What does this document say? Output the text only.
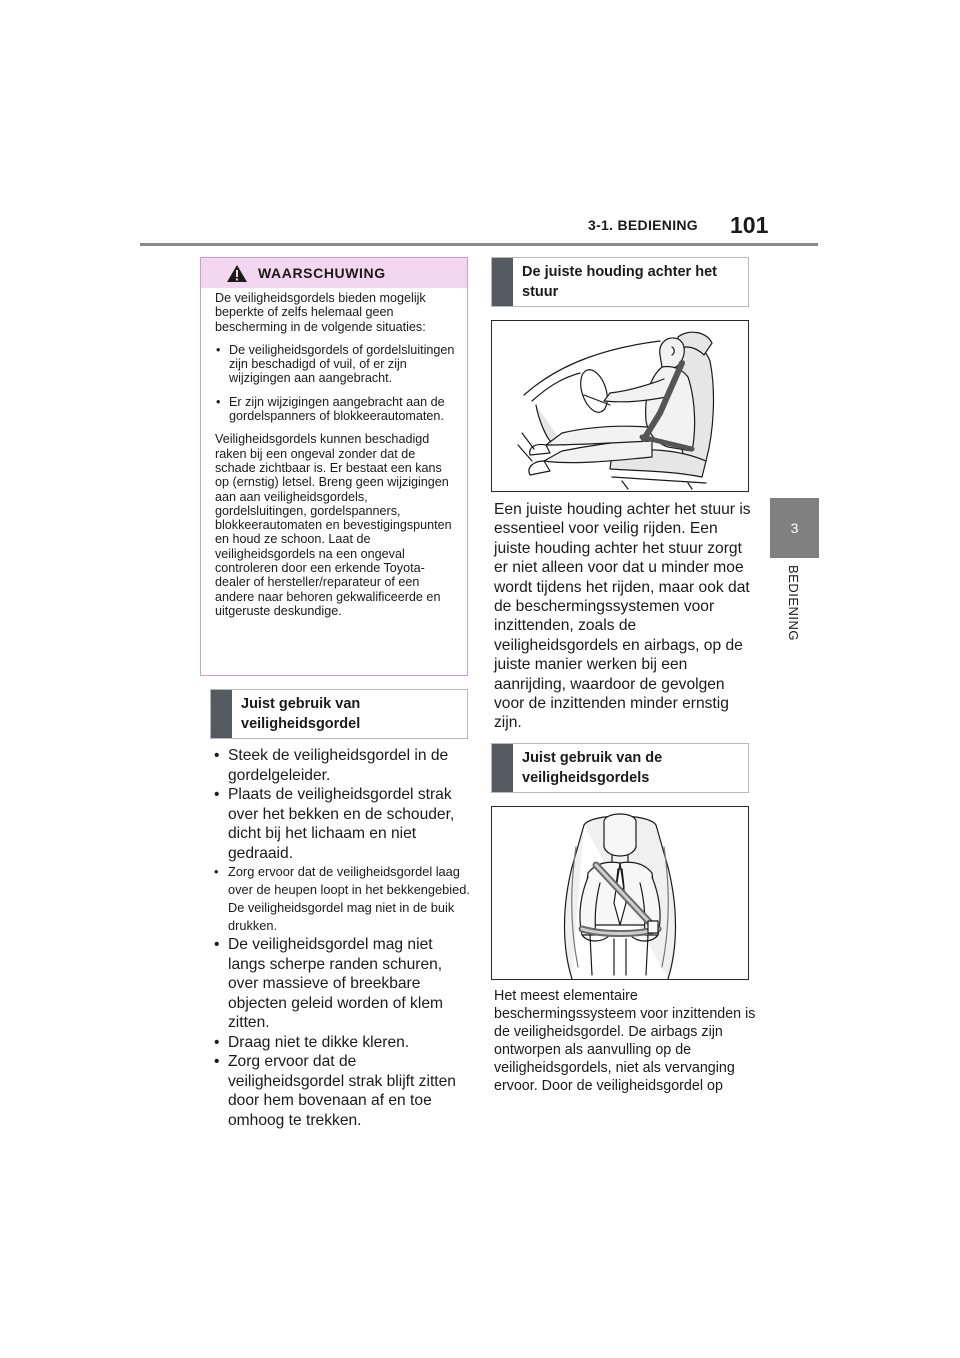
3-1. BEDIENING 101
3
BEDIENING
WAARSCHUWING

De veiligheidsgordels bieden mogelijk beperkte of zelfs helemaal geen bescherming in de volgende situaties:

• De veiligheidsgordels of gordelsluitingen zijn beschadigd of vuil, of er zijn wijzigingen aan aangebracht.
• Er zijn wijzigingen aangebracht aan de gordelspanners of blokkeerautomaten.

Veiligheidsgordels kunnen beschadigd raken bij een ongeval zonder dat de schade zichtbaar is. Er bestaat een kans op (ernstig) letsel. Breng geen wijzigingen aan aan veiligheidsgordels, gordelsluitingen, gordelspanners, blokkeerautomaten en bevestigingspunten en houd ze schoon. Laat de veiligheidsgordels na een ongeval controleren door een erkende Toyota-dealer of hersteller/reparateur of een andere naar behoren gekwalificeerde en uitgeruste deskundige.

Juist gebruik van veiligheidsgordel
• Steek de veiligheidsgordel in de gordelgeleider.
• Plaats de veiligheidsgordel strak over het bekken en de schouder, dicht bij het lichaam en niet gedraaid.
• Zorg ervoor dat de veiligheidsgordel laag over de heupen loopt in het bekkengebied. De veiligheidsgordel mag niet in de buik drukken.
• De veiligheidsgordel mag niet langs scherpe randen schuren, over massieve of breekbare objecten geleid worden of klem zitten.
• Draag niet te dikke kleren.
• Zorg ervoor dat de veiligheidsgordel strak blijft zitten door hem bovenaan af en toe omhoog te trekken.
De juiste houding achter het stuur

Een juiste houding achter het stuur is essentieel voor veilig rijden. Een juiste houding achter het stuur zorgt er niet alleen voor dat u minder moe wordt tijdens het rijden, maar ook dat de beschermingssystemen voor inzittenden, zoals de veiligheidsgordels en airbags, op de juiste manier werken bij een aanrijding, waardoor de gevolgen voor de inzittenden minder ernstig zijn.

Juist gebruik van de veiligheidsgordels

Het meest elementaire beschermingssysteem voor inzittenden is de veiligheidsgordel. De airbags zijn ontworpen als aanvulling op de veiligheidsgordels, niet als vervanging ervoor. Door de veiligheidsgordel op
